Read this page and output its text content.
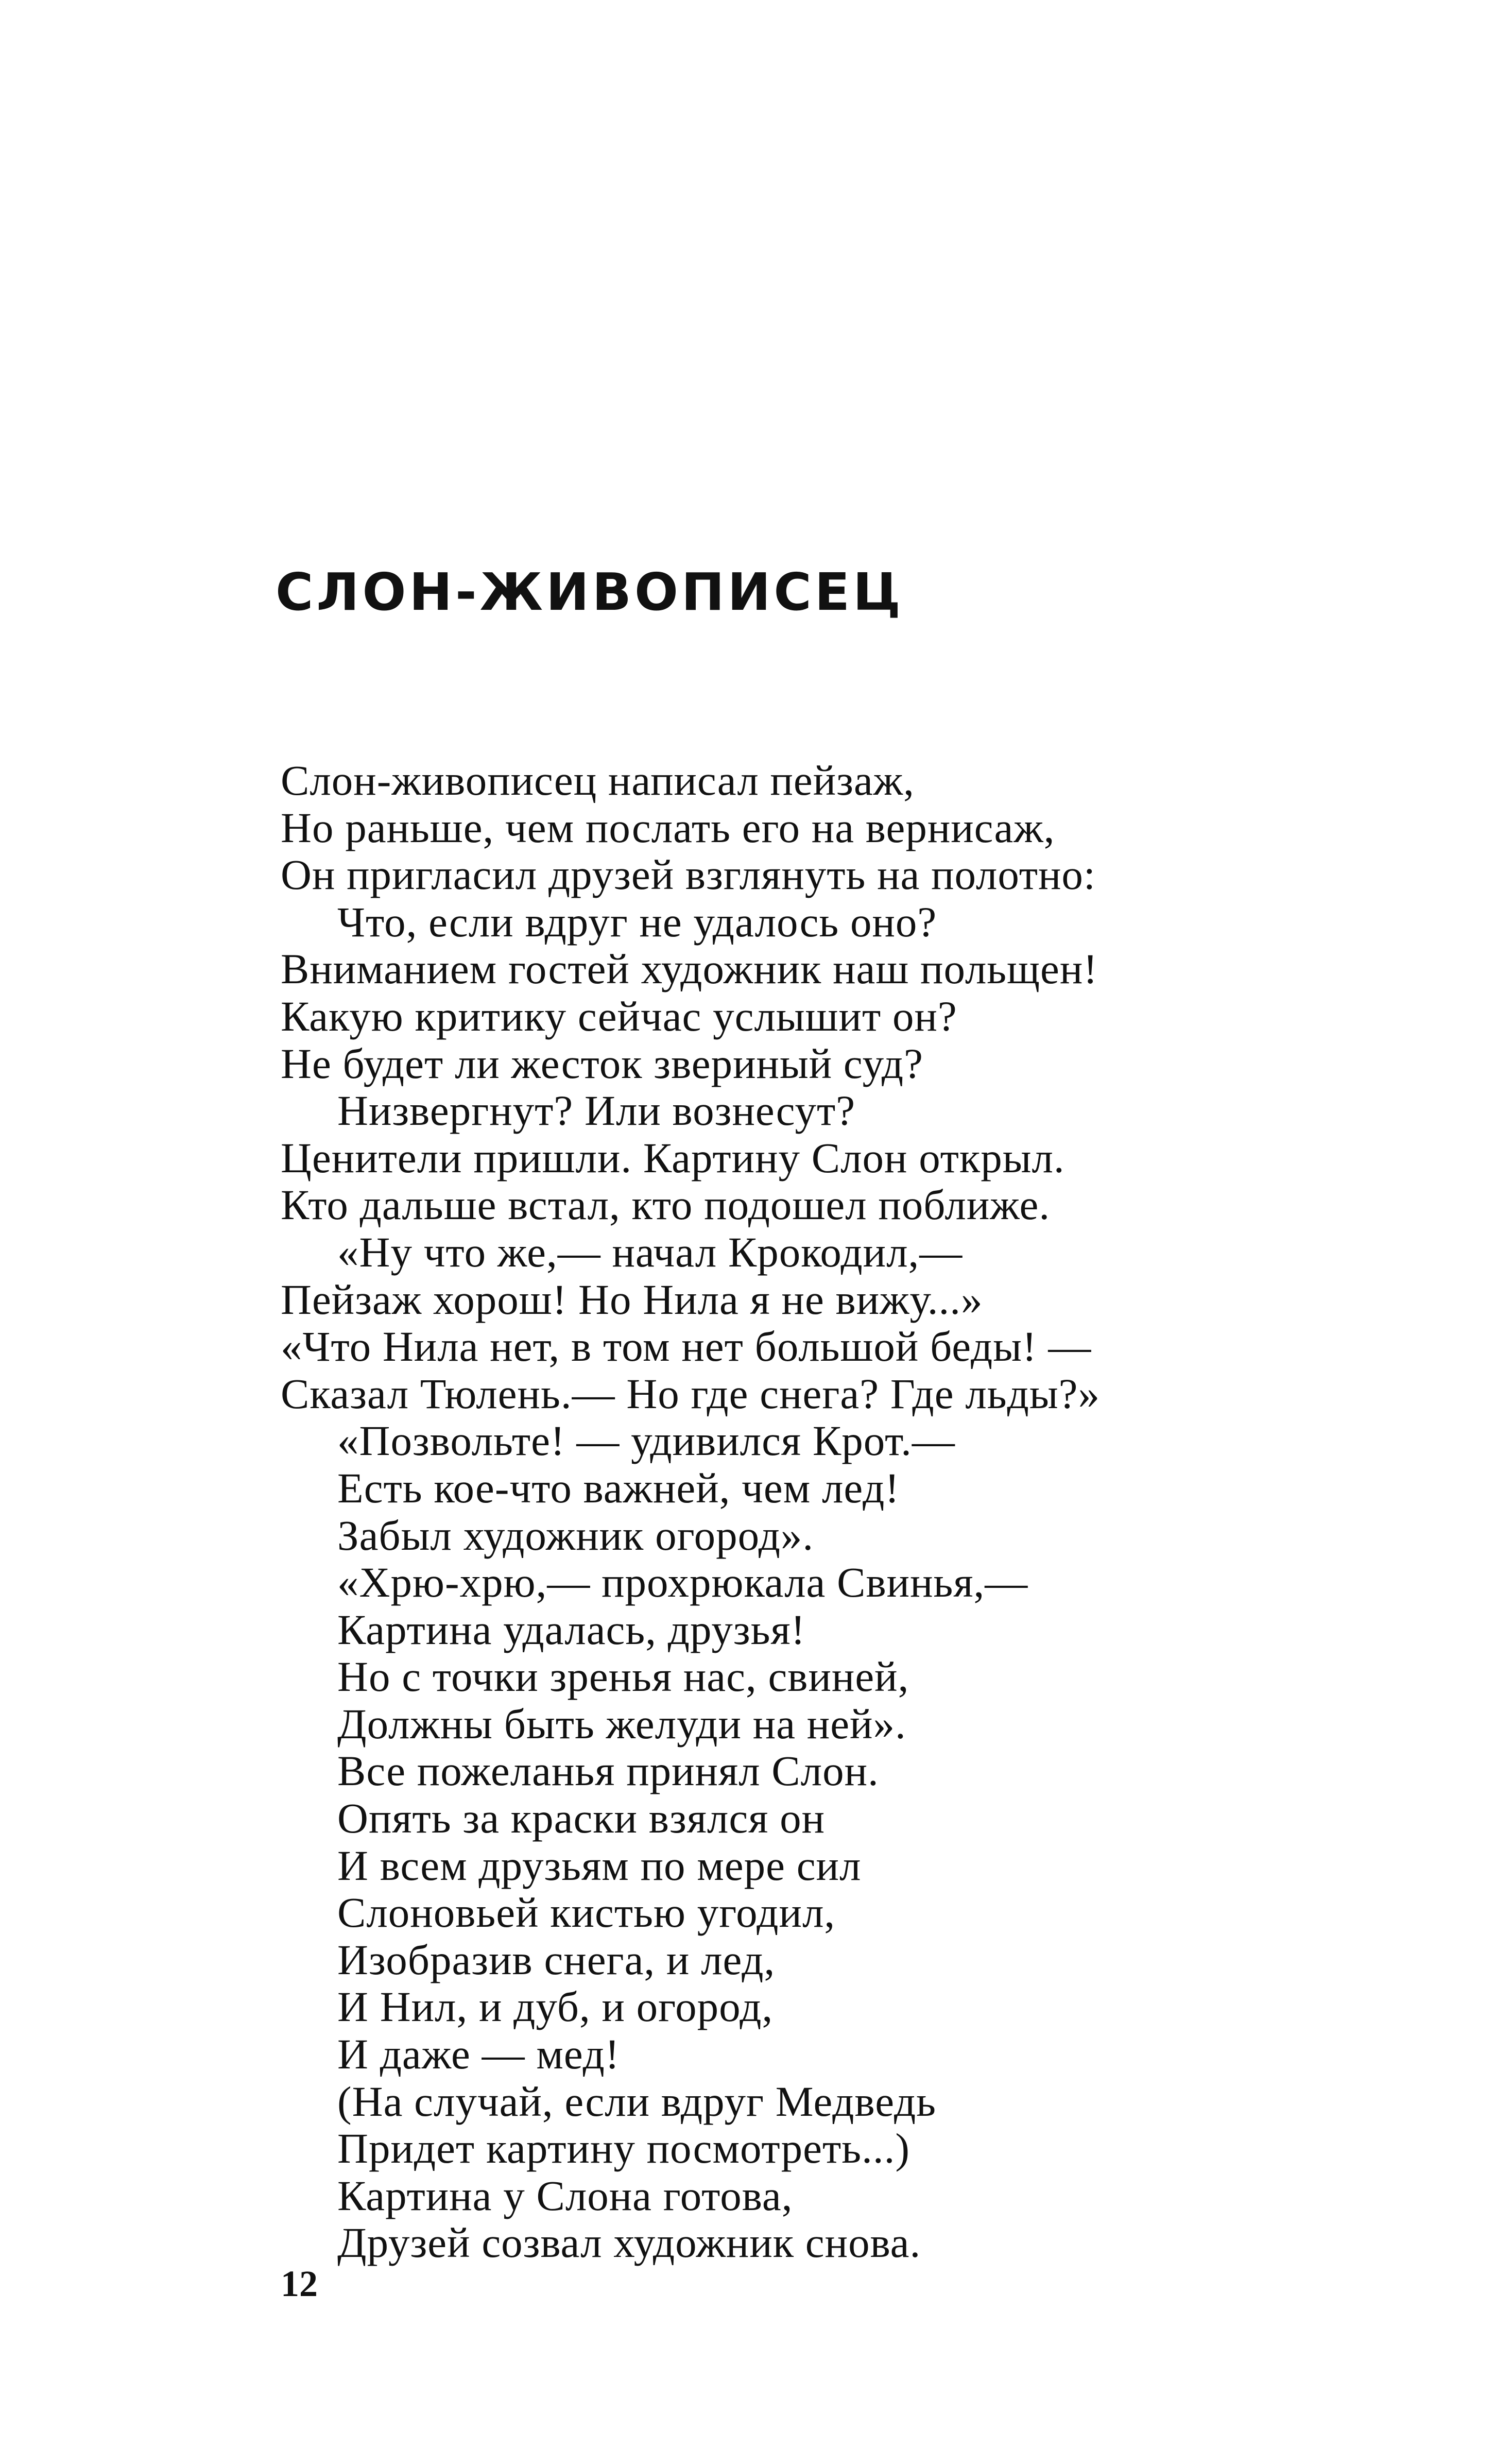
СЛОН-ЖИВОПИСЕЦ
Слон-живописец написал пейзаж,
Но раньше, чем послать его на вернисаж,
Он пригласил друзей взглянуть на полотно:
Что, если вдруг не удалось оно?
Вниманием гостей художник наш польщен!
Какую критику сейчас услышит он?
Не будет ли жесток звериный суд?
Низвергнут? Или вознесут?
Ценители пришли. Картину Слон открыл.
Кто дальше встал, кто подошел поближе.
«Ну что же,— начал Крокодил,—
Пейзаж хорош! Но Нила я не вижу...»
«Что Нила нет, в том нет большой беды! —
Сказал Тюлень.— Но где снега? Где льды?»
«Позвольте! — удивился Крот.—
Есть кое-что важней, чем лед!
Забыл художник огород».
«Хрю-хрю,— прохрюкала Свинья,—
Картина удалась, друзья!
Но с точки зренья нас, свиней,
Должны быть желуди на ней».
Все пожеланья принял Слон.
Опять за краски взялся он
И всем друзьям по мере сил
Слоновьей кистью угодил,
Изобразив снега, и лед,
И Нил, и дуб, и огород,
И даже — мед!
(На случай, если вдруг Медведь
Придет картину посмотреть...)
Картина у Слона готова,
Друзей созвал художник снова.
12
